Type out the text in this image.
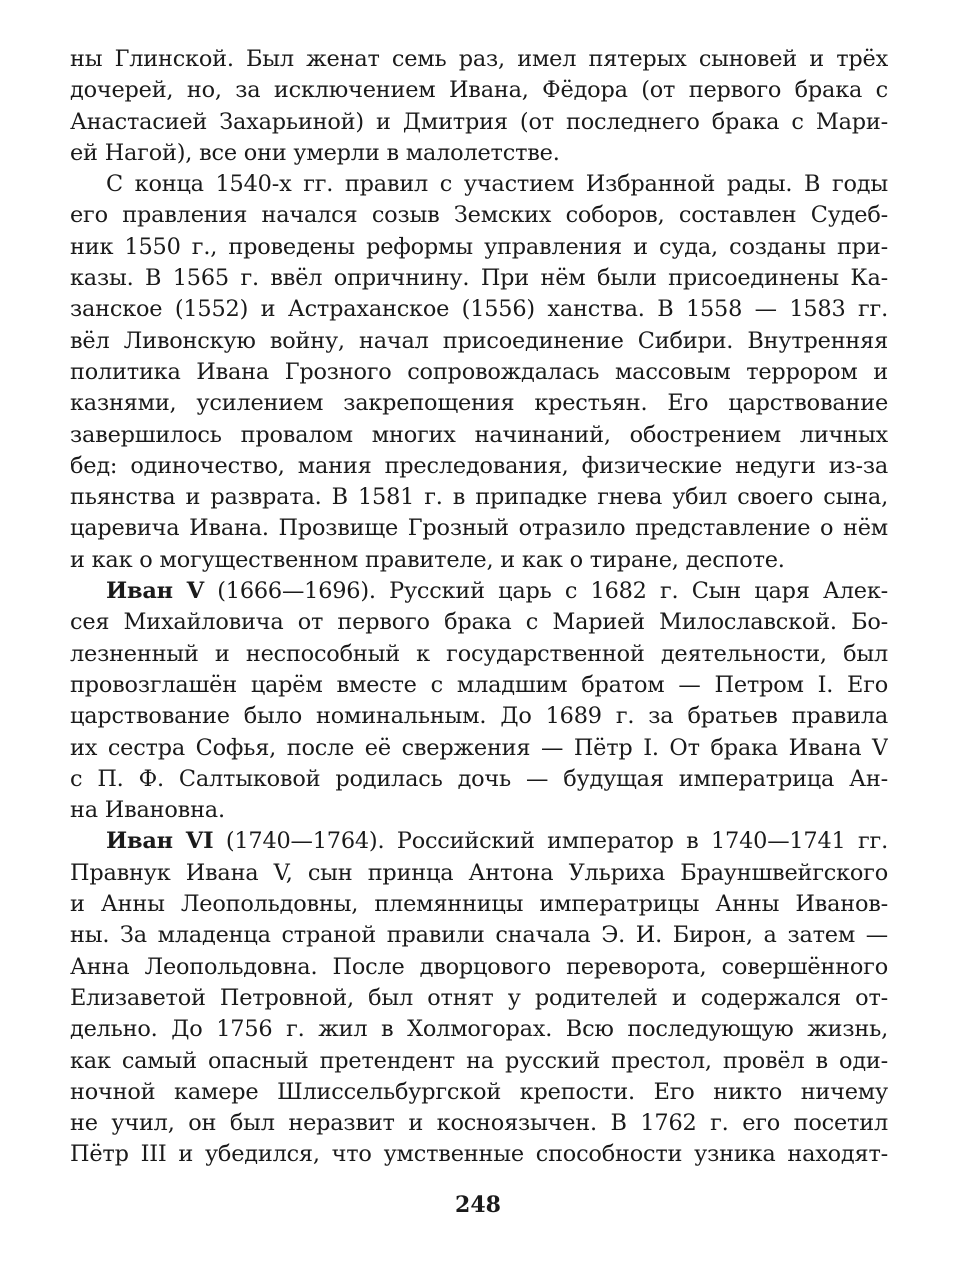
ны Глинской. Был женат семь раз, имел пятерых сыновей и трёх
дочерей, но, за исключением Ивана, Фёдора (от первого брака с
Анастасией Захарьиной) и Дмитрия (от последнего брака с Мари-
ей Нагой), все они умерли в малолетстве.
С конца 1540-х гг. правил с участием Избранной рады. В годы
его правления начался созыв Земских соборов, составлен Судеб-
ник 1550 г., проведены реформы управления и суда, созданы при-
казы. В 1565 г. ввёл опричнину. При нём были присоединены Ка-
занское (1552) и Астраханское (1556) ханства. В 1558 — 1583 гг.
вёл Ливонскую войну, начал присоединение Сибири. Внутренняя
политика Ивана Грозного сопровождалась массовым террором и
казнями, усилением закрепощения крестьян. Его царствование
завершилось провалом многих начинаний, обострением личных
бед: одиночество, мания преследования, физические недуги из-за
пьянства и разврата. В 1581 г. в припадке гнева убил своего сына,
царевича Ивана. Прозвище Грозный отразило представление о нём
и как о могущественном правителе, и как о тиране, деспоте.
Иван V (1666—1696). Русский царь с 1682 г. Сын царя Алек-
сея Михайловича от первого брака с Марией Милославской. Бо-
лезненный и неспособный к государственной деятельности, был
провозглашён царём вместе с младшим братом — Петром I. Его
царствование было номинальным. До 1689 г. за братьев правила
их сестра Софья, после её свержения — Пётр I. От брака Ивана V
с П. Ф. Салтыковой родилась дочь — будущая императрица Ан-
на Ивановна.
Иван VI (1740—1764). Российский император в 1740—1741 гг.
Правнук Ивана V, сын принца Антона Ульриха Брауншвейгского
и Анны Леопольдовны, племянницы императрицы Анны Иванов-
ны. За младенца страной правили сначала Э. И. Бирон, а затем —
Анна Леопольдовна. После дворцового переворота, совершённого
Елизаветой Петровной, был отнят у родителей и содержался от-
дельно. До 1756 г. жил в Холмогорах. Всю последующую жизнь,
как самый опасный претендент на русский престол, провёл в оди-
ночной камере Шлиссельбургской крепости. Его никто ничему
не учил, он был неразвит и косноязычен. В 1762 г. его посетил
Пётр III и убедился, что умственные способности узника находят-
248
